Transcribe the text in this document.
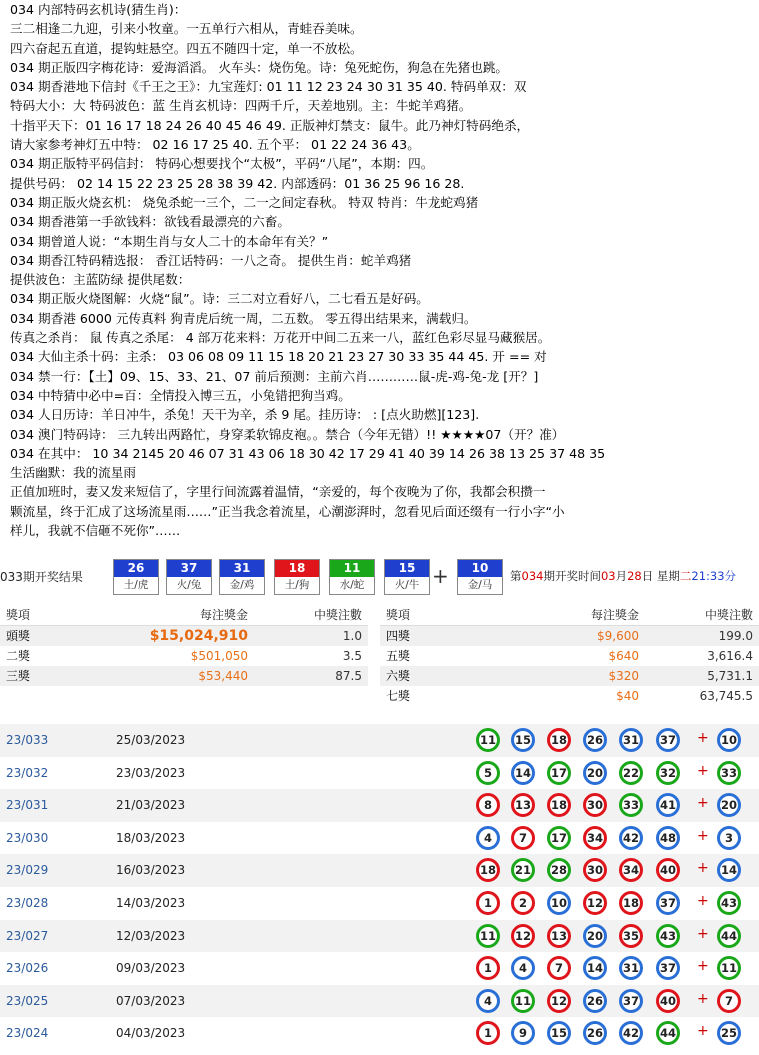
034 内部特码玄机诗(猜生肖)：
三二相逢二九迎，引来小牧童。一五单行六相从，青蛙吞美味。
四六奋起五直道，提钩蛀悬空。四五不随四十定，单一不放松。
034 期正版四字梅花诗：爱海滔滔。 火车头：烧伤兔。诗：兔死蛇伤，狗急在先猪也跳。
034 期香港地下信封《千王之王》：九宝莲灯: 01 11 12 23 24 30 31 35 40. 特码单双：双
特码大小：大 特码波色：蓝 生肖玄机诗：四两千斤，天差地别。主：牛蛇羊鸡猪。
十指平天下：01 16 17 18 24 26 40 45 46 49. 正版神灯禁支：鼠牛。此乃神灯特码绝杀，
请大家参考神灯五中特： 02 16 17 25 40. 五个平： 01 22 24 36 43。
034 期正版特平码信封： 特码心想要找个“太极”，平码“八尾”，本期：四。
提供号码： 02 14 15 22 23 25 28 38 39 42. 内部透码：01 36 25 96 16 28.
034 期正版火烧玄机： 烧兔杀蛇一三个，二一之间定春秋。 特双 特肖：牛龙蛇鸡猪
034 期香港第一手欲钱料：欲钱看最漂亮的六畜。
034 期曾道人说：“本期生肖与女人二十的本命年有关？”
034 期香江特码精选报： 香江话特码：一八之奇。 提供生肖：蛇羊鸡猪
提供波色：主蓝防绿 提供尾数：
034 期正版火烧图解：火烧“鼠”。诗：三二对立看好八，二七看五是好码。
034 期香港 6000 元传真料 狗青虎后统一周，二五数。 零五得出结果来，满载归。
传真之杀肖： 鼠 传真之杀尾： 4 部万花来料：万花开中间二五来一八，蓝红色彩尽显马藏猴居。
034 大仙主杀十码：主杀： 03 06 08 09 11 15 18 20 21 23 27 30 33 35 44 45. 开 == 对
034 禁一行：【土】09、15、33、21、07 前后预测：主前六肖…………鼠-虎-鸡-兔-龙 [开？]
034 中特猜中必中=百：全情投入博三五，小兔错把狗当鸡。
034 人日历诗：羊日冲牛，杀兔！天干为辛，杀 9 尾。挂历诗： : [点火助燃][123].
034 澳门特码诗： 三九转出两路忙，身穿柔软锦皮袍。。禁合（今年无错）!! ★★★★07（开？准）
034 在其中： 10 34 2145 20 46 07 31 43 06 18 30 42 17 29 41 40 39 14 26 38 13 25 37 48 35
生活幽默：我的流星雨
正值加班时，妻又发来短信了，字里行间流露着温情，“亲爱的，每个夜晚为了你，我都会积攒一
颗流星，终于汇成了这场流星雨……”正当我念着流星，心潮澎湃时，忽看见后面还缀有一行小字“小
样儿，我就不信砸不死你”……
033期开奖结果
26
土/虎
37
火/兔
31
金/鸡
18
土/狗
11
水/蛇
15
火/牛 +	10
金/马
第034期开奖时间03月28日 星期二21:33分
獎項	每注獎金	中獎注數
頭獎	$15,024,910	1.0
二獎	$501,050	3.5
三獎	$53,440	87.5
獎項	每注獎金	中獎注數
四獎	$9,600	199.0
五獎	$640	3,616.4
六獎	$320	5,731.1
七獎	$40	63,745.5
23/033	25/03/2023	11	15	18	26	31	37 +	10
23/032	23/03/2023	5	14	17	20	22	32 +	33
23/031	21/03/2023	8	13	18	30	33	41 +	20
23/030	18/03/2023	4	7	17	34	42	48 +	3
23/029	16/03/2023	18	21	28	30	34	40 +	14
23/028	14/03/2023	1	2	10	12	18	37 +	43
23/027	12/03/2023	11	12	13	20	35	43 +	44
23/026	09/03/2023	1	4	7	14	31	37 +	11
23/025	07/03/2023	4	11	12	26	37	40 +	7
23/024	04/03/2023	1	9	15	26	42	44 +	25
